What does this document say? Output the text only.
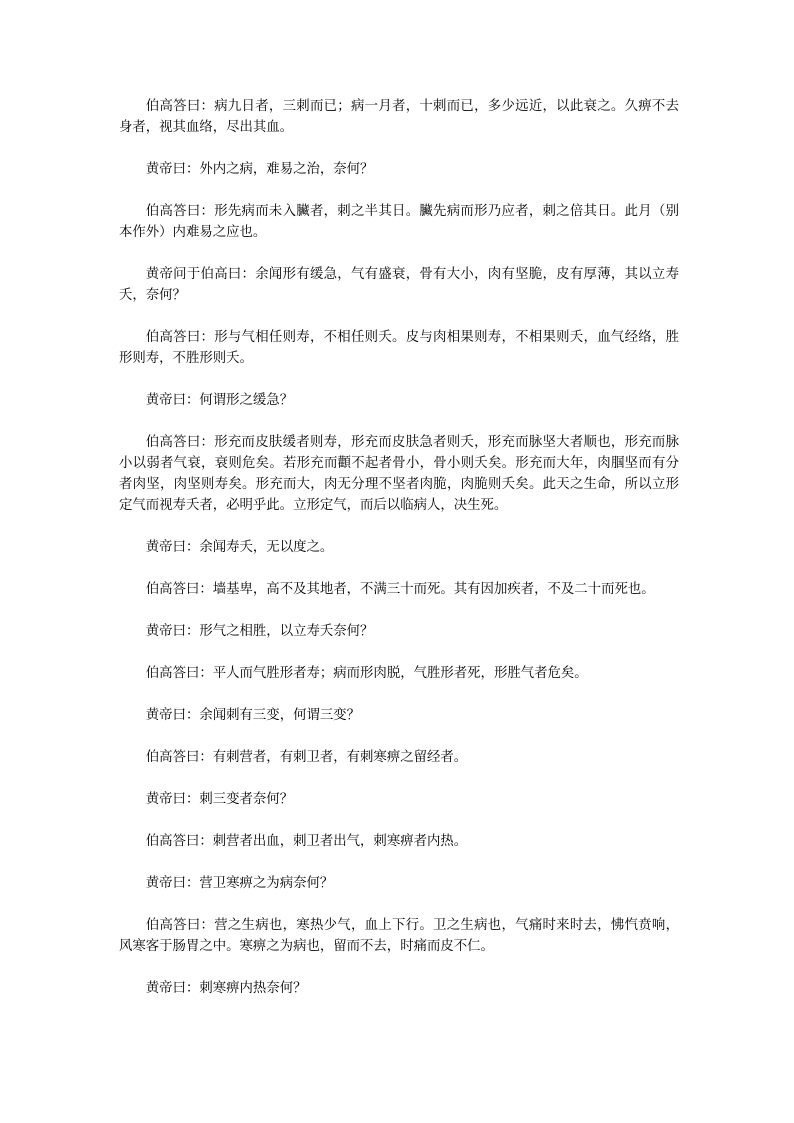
伯高答曰：病九日者，三刺而已；病一月者，十刺而已，多少远近，以此衰之。久痹不去身者，视其血络，尽出其血。

黄帝曰：外内之病，难易之治，奈何？

伯高答曰：形先病而未入臟者，刺之半其日。臟先病而形乃应者，刺之倍其日。此月（别本作外）内难易之应也。

黄帝问于伯高曰：余闻形有缓急，气有盛衰，骨有大小，肉有坚脆，皮有厚薄，其以立寿夭，奈何？

伯高答曰：形与气相任则寿，不相任则夭。皮与肉相果则寿，不相果则夭，血气经络，胜形则寿，不胜形则夭。

黄帝曰：何谓形之缓急？

伯高答曰：形充而皮肤缓者则寿，形充而皮肤急者则夭，形充而脉坚大者顺也，形充而脉小以弱者气衰，衰则危矣。若形充而顴不起者骨小，骨小则夭矣。形充而大年，肉腘坚而有分者肉坚，肉坚则寿矣。形充而大，肉无分理不坚者肉脆，肉脆则夭矣。此天之生命，所以立形定气而视寿夭者，必明乎此。立形定气，而后以临病人，决生死。

黄帝曰：余闻寿夭，无以度之。

伯高答曰：墙基卑，高不及其地者，不满三十而死。其有因加疾者，不及二十而死也。

黄帝曰：形气之相胜，以立寿夭奈何？

伯高答曰：平人而气胜形者寿；病而形肉脱，气胜形者死，形胜气者危矣。

黄帝曰：余闻刺有三变，何谓三变？

伯高答曰：有刺营者，有刺卫者，有刺寒痹之留经者。

黄帝曰：刺三变者奈何？

伯高答曰：刺营者出血，刺卫者出气，刺寒痹者内热。

黄帝曰：营卫寒痹之为病奈何？

伯高答曰：营之生病也，寒热少气，血上下行。卫之生病也，气痛时来时去，怫忾贲响，风寒客于肠胃之中。寒痹之为病也，留而不去，时痛而皮不仁。

黄帝曰：刺寒痹内热奈何？
